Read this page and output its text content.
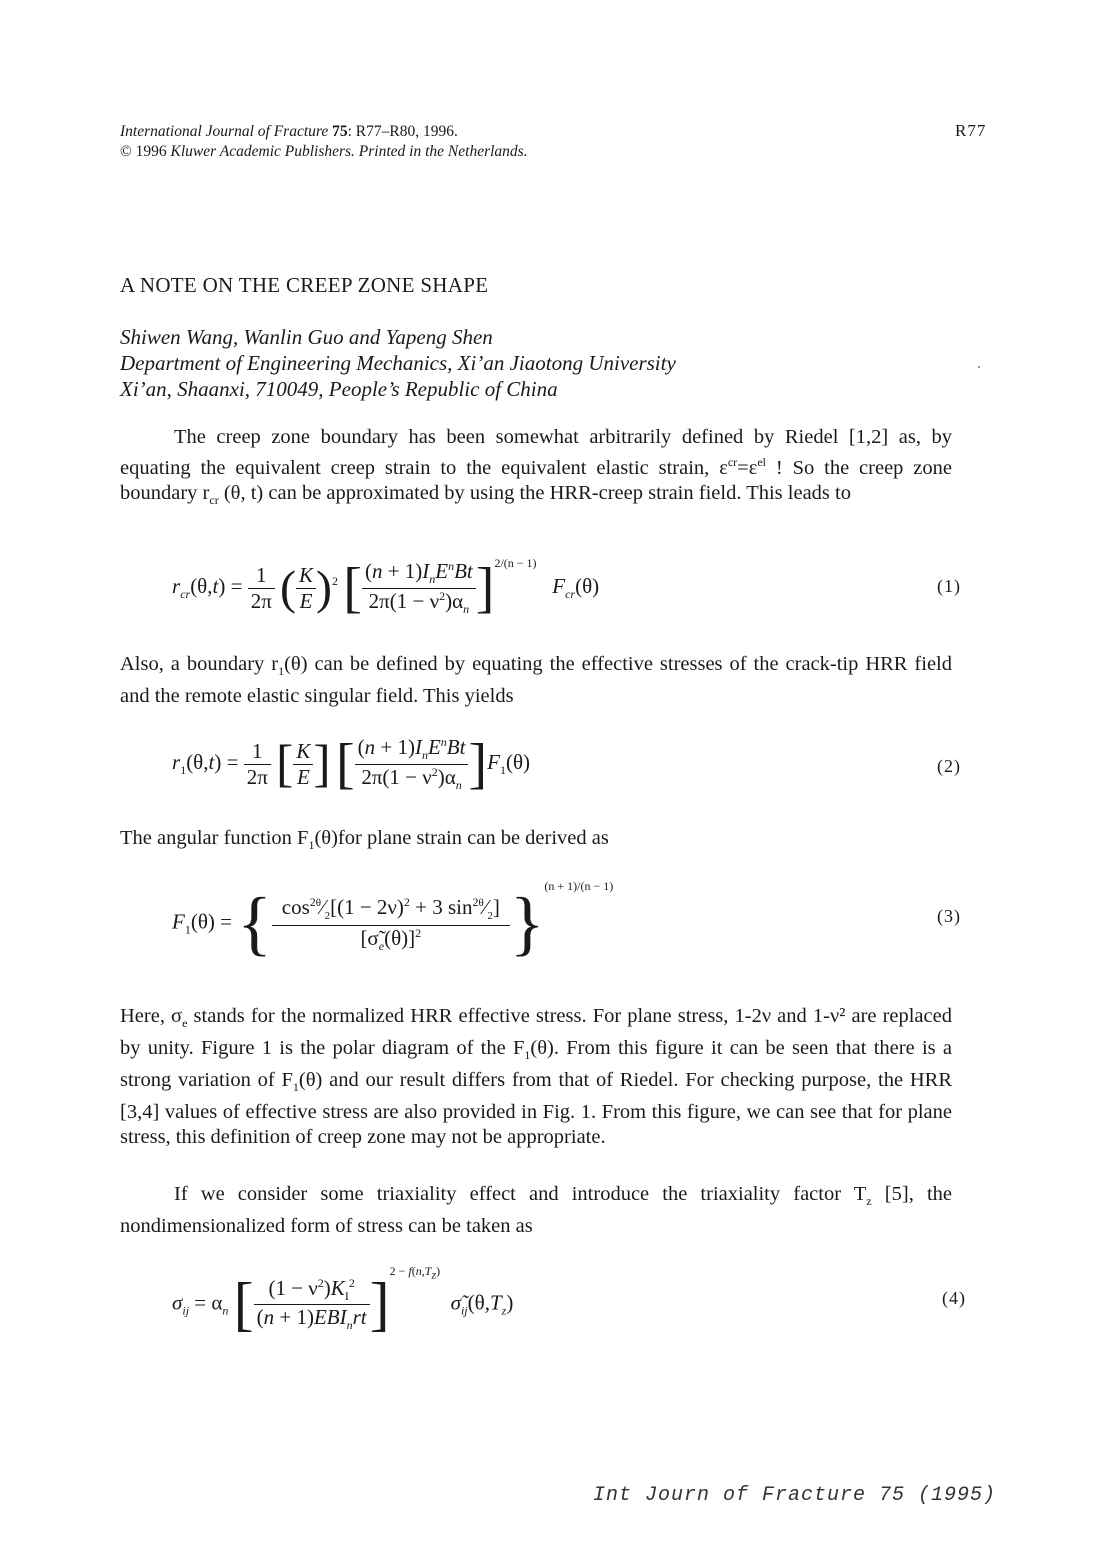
International Journal of Fracture 75: R77–R80, 1996.
© 1996 Kluwer Academic Publishers. Printed in the Netherlands.
R77
A NOTE ON THE CREEP ZONE SHAPE
Shiwen Wang, Wanlin Guo and Yapeng Shen
Department of Engineering Mechanics, Xi’an Jiaotong University
Xi’an, Shaanxi, 710049, People’s Republic of China

The creep zone boundary has been somewhat arbitrarily defined by Riedel [1,2] as, by equating the equivalent creep strain to the equivalent elastic strain, $\varepsilon^{cr}=\varepsilon^{el}$ ! So the creep zone boundary $r_{cr}$ (θ, t) can be approximated by using the HRR-creep strain field. This leads to

$r_{cr}(\theta,t) = \frac{1}{2\pi}$ ( $\frac{K}{E} )^2$ [ $\frac{(n + 1)I_nE^nBt}{2\pi(1 - \nu^2)\alpha_n} ]^{2/(n - 1)}$   $F_{cr}(\theta)$	(1)

Also, a boundary $r_1(\theta)$ can be defined by equating the effective stresses of the crack-tip HRR field and the remote elastic singular field. This yields

$r_1(\theta,t) = \frac{1}{2\pi}$ [ $\frac{K}{E}$ ] [ $\frac{(n + 1)I_nE^nBt}{2\pi(1 - \nu^2)\alpha_n} ]F_1(\theta)$	(2)

The angular function $F_1(\theta)for$ plane strain can be derived as

$F_1(\theta)$ = { $\frac{\cos^{2\theta}⁄_2[(1 - 2\nu)^2 + 3 \sin^{2\theta}⁄_2]}{[\sigmã_e(\theta)]^2} \}^{(n + 1)/(n - 1)}$
(3)

Here, $\sigma_e$ stands for the normalized HRR effective stress. For plane stress, 1-2ν and 1-ν² are replaced by unity. Figure 1 is the polar diagram of the $F_1(\theta)$. From this figure it can be seen that there is a strong variation of $F_1(\theta)$ and our result differs from that of Riedel. For checking purpose, the HRR [3,4] values of effective stress are also provided in Fig. 1. From this figure, we can see that for plane stress, this definition of creep zone may not be appropriate.

If we consider some triaxiality effect and introduce the triaxiality factor $T_z$ [5], the nondimensionalized form of stress can be taken as

$\sigma_{ij} = \alpha_n$ [ $\frac{(1 - \nu^2)K_I^2}{(n + 1)EBI_nrt} ]^{2 - f(n,T_z)}$  $\sigmã_{ij}(\theta,T_z)$	(4)
Int Journ of Fracture 75 (1995)
